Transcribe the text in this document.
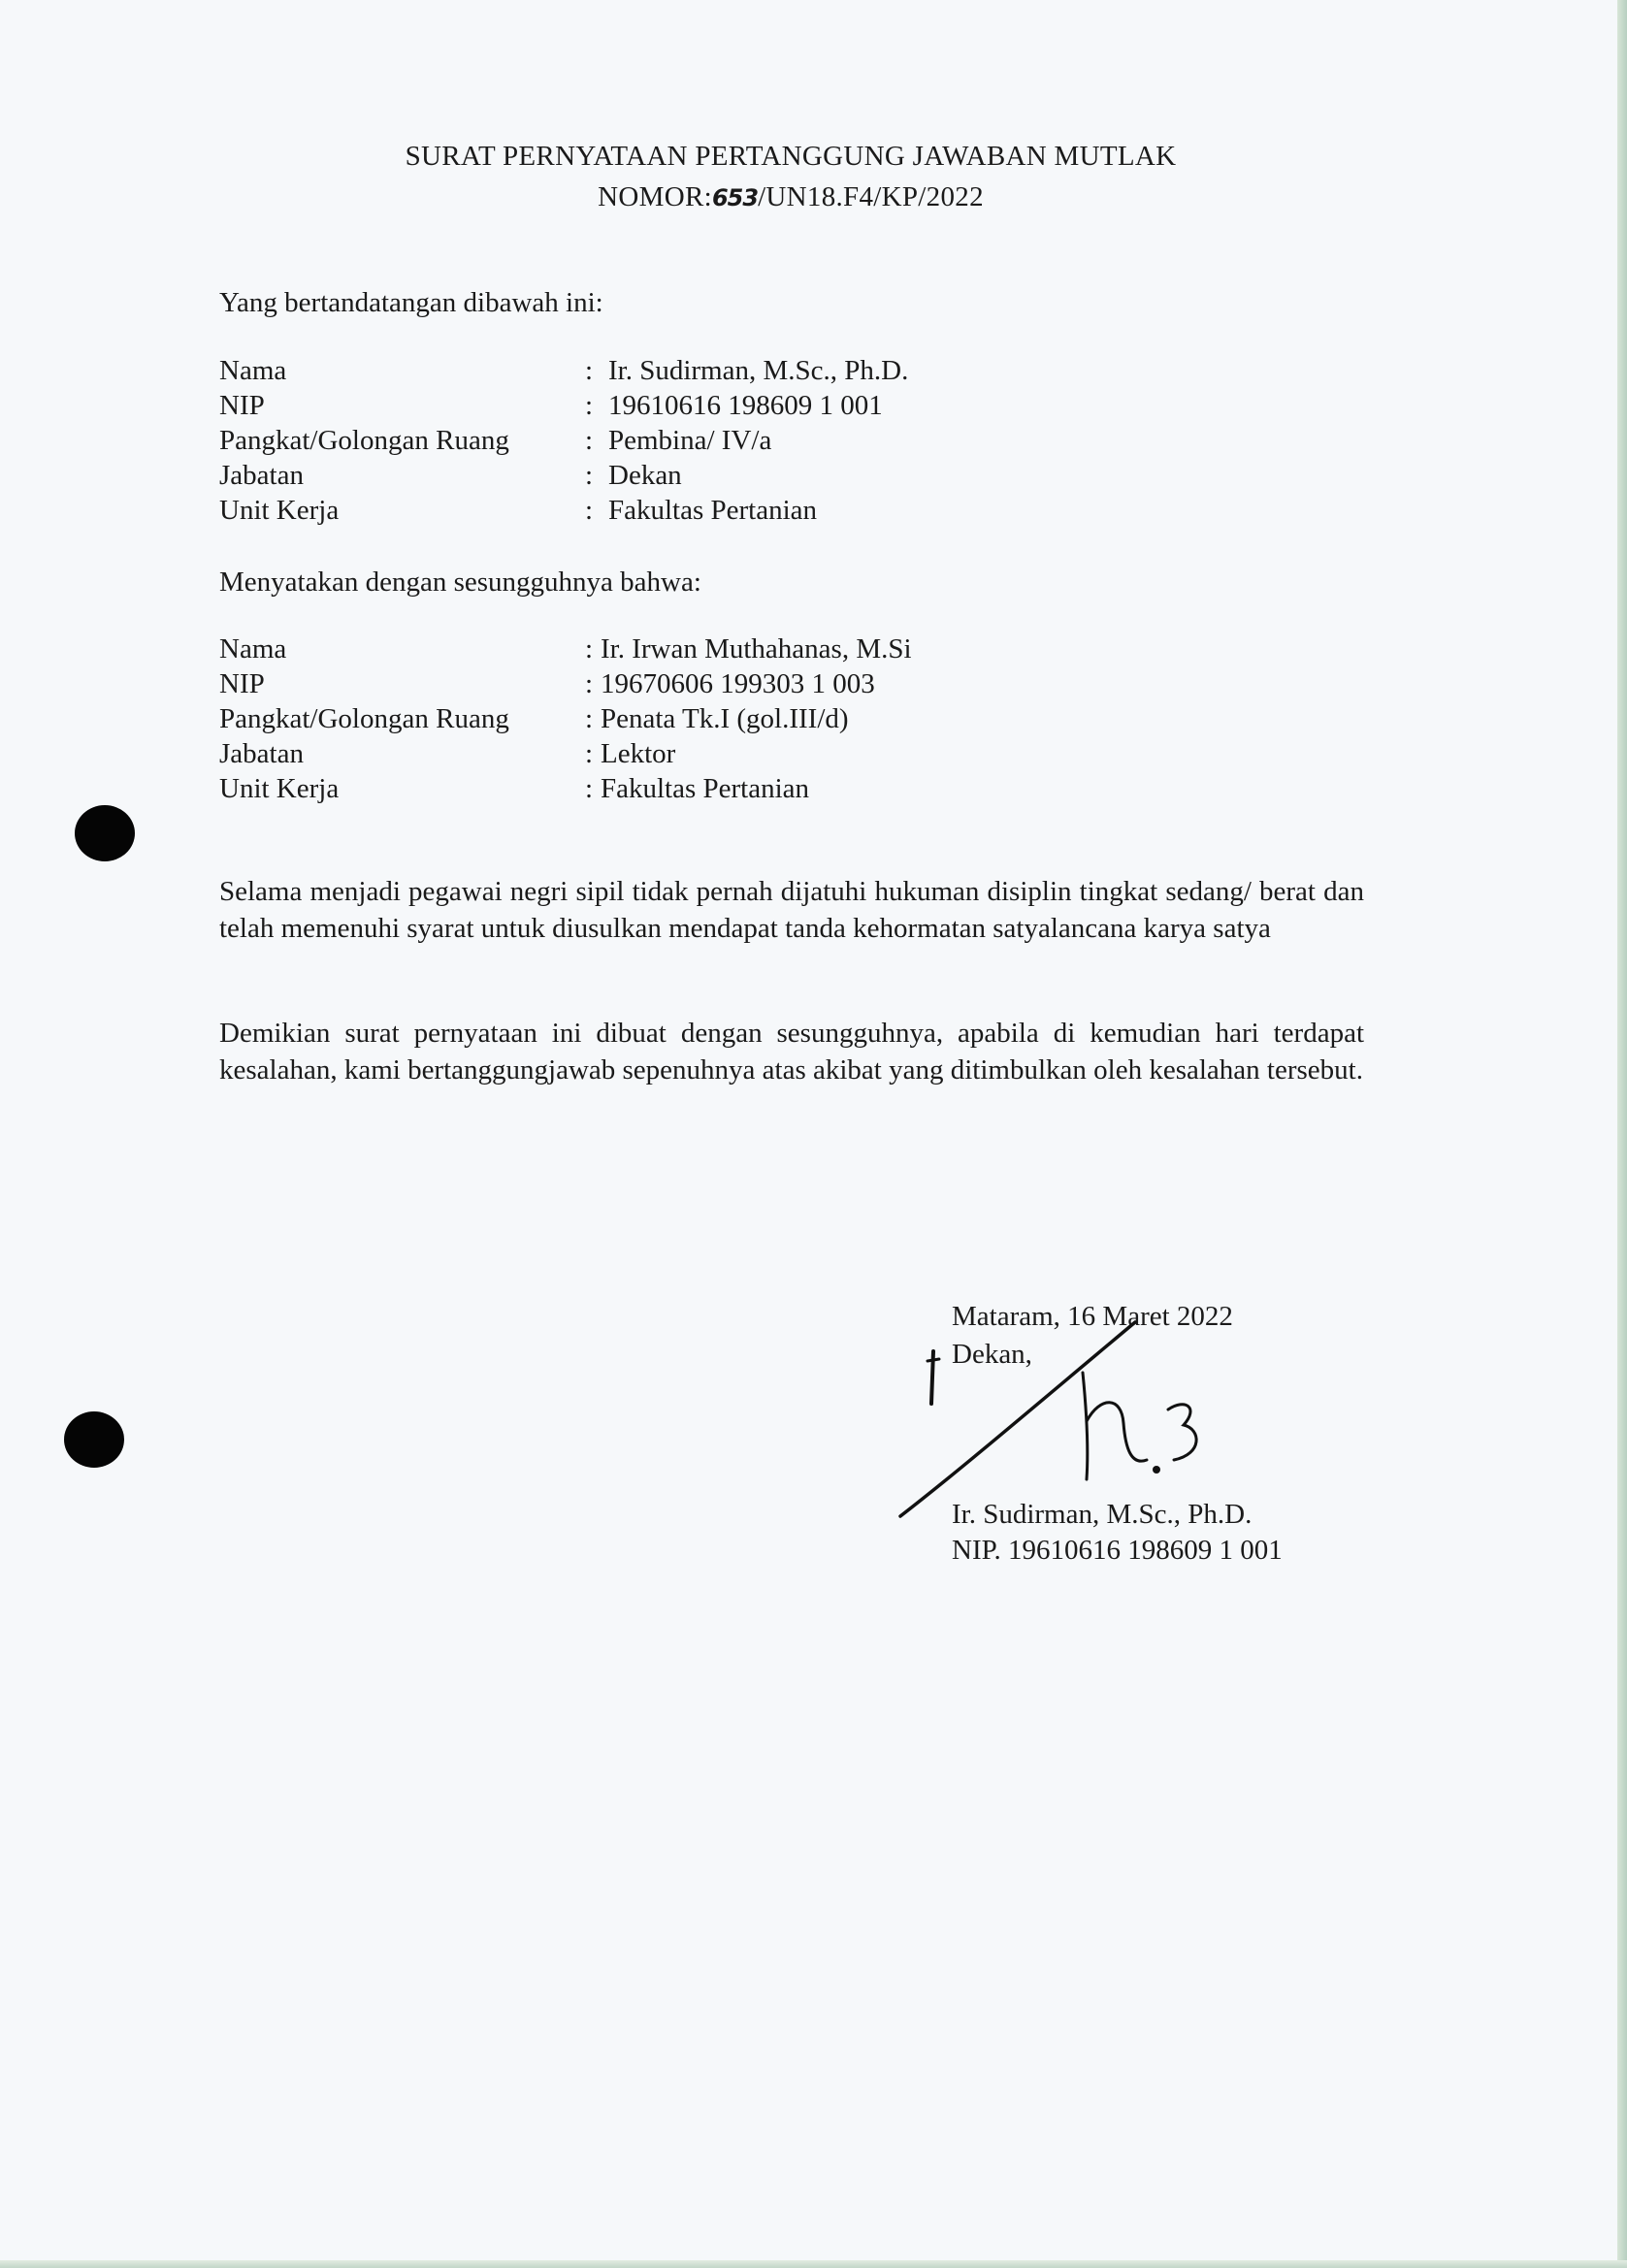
SURAT PERNYATAAN PERTANGGUNG JAWABAN MUTLAK
NOMOR:653/UN18.F4/KP/2022
Yang bertandatangan dibawah ini:
Nama	: Ir. Sudirman, M.Sc., Ph.D.
NIP	: 19610616 198609 1 001
Pangkat/Golongan Ruang	: Pembina/ IV/a
Jabatan	: Dekan
Unit Kerja	: Fakultas Pertanian
Menyatakan dengan sesungguhnya bahwa:
Nama	: Ir. Irwan Muthahanas, M.Si
NIP	: 19670606 199303 1 003
Pangkat/Golongan Ruang	: Penata Tk.I (gol.III/d)
Jabatan	: Lektor
Unit Kerja	: Fakultas Pertanian
Selama menjadi pegawai negri sipil tidak pernah dijatuhi hukuman disiplin tingkat sedang/ berat dan telah memenuhi syarat untuk diusulkan mendapat tanda kehormatan satyalancana karya satya
Demikian surat pernyataan ini dibuat dengan sesungguhnya, apabila di kemudian hari terdapat kesalahan, kami bertanggungjawab sepenuhnya atas akibat yang ditimbulkan oleh kesalahan tersebut.
Mataram, 16 Maret 2022
Dekan,
Ir. Sudirman, M.Sc., Ph.D.
NIP. 19610616 198609 1 001
